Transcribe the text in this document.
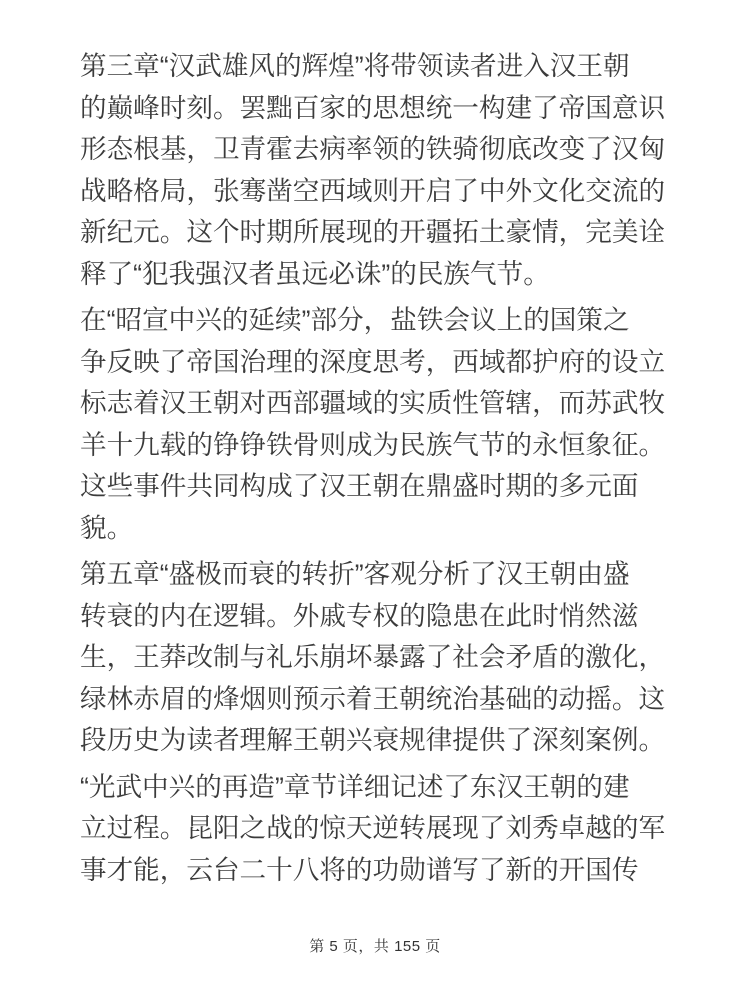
第三章“汉武雄风的辉煌”将带领读者进入汉王朝
的巅峰时刻。罢黜百家的思想统一构建了帝国意识
形态根基，卫青霍去病率领的铁骑彻底改变了汉匈
战略格局，张骞凿空西域则开启了中外文化交流的
新纪元。这个时期所展现的开疆拓土豪情，完美诠
释了“犯我强汉者虽远必诛”的民族气节。
在“昭宣中兴的延续”部分，盐铁会议上的国策之
争反映了帝国治理的深度思考，西域都护府的设立
标志着汉王朝对西部疆域的实质性管辖，而苏武牧
羊十九载的铮铮铁骨则成为民族气节的永恒象征。
这些事件共同构成了汉王朝在鼎盛时期的多元面
貌。
第五章“盛极而衰的转折”客观分析了汉王朝由盛
转衰的内在逻辑。外戚专权的隐患在此时悄然滋
生，王莽改制与礼乐崩坏暴露了社会矛盾的激化，
绿林赤眉的烽烟则预示着王朝统治基础的动摇。这
段历史为读者理解王朝兴衰规律提供了深刻案例。
“光武中兴的再造”章节详细记述了东汉王朝的建
立过程。昆阳之战的惊天逆转展现了刘秀卓越的军
事才能，云台二十八将的功勋谱写了新的开国传
第 5 页，共 155 页
